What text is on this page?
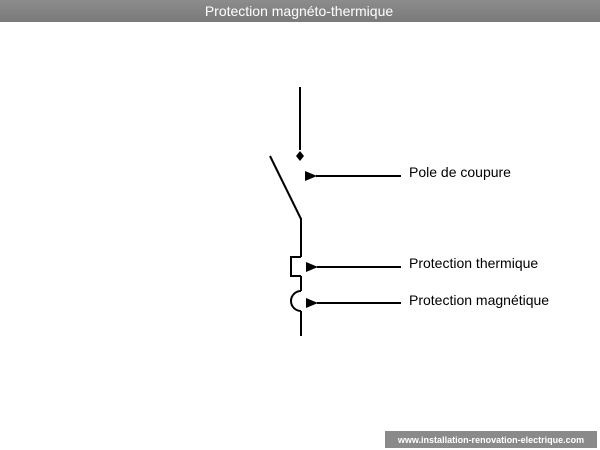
Protection magnéto-thermique
Pole de coupure
Protection thermique
Protection magnétique
www.installation-renovation-electrique.com
